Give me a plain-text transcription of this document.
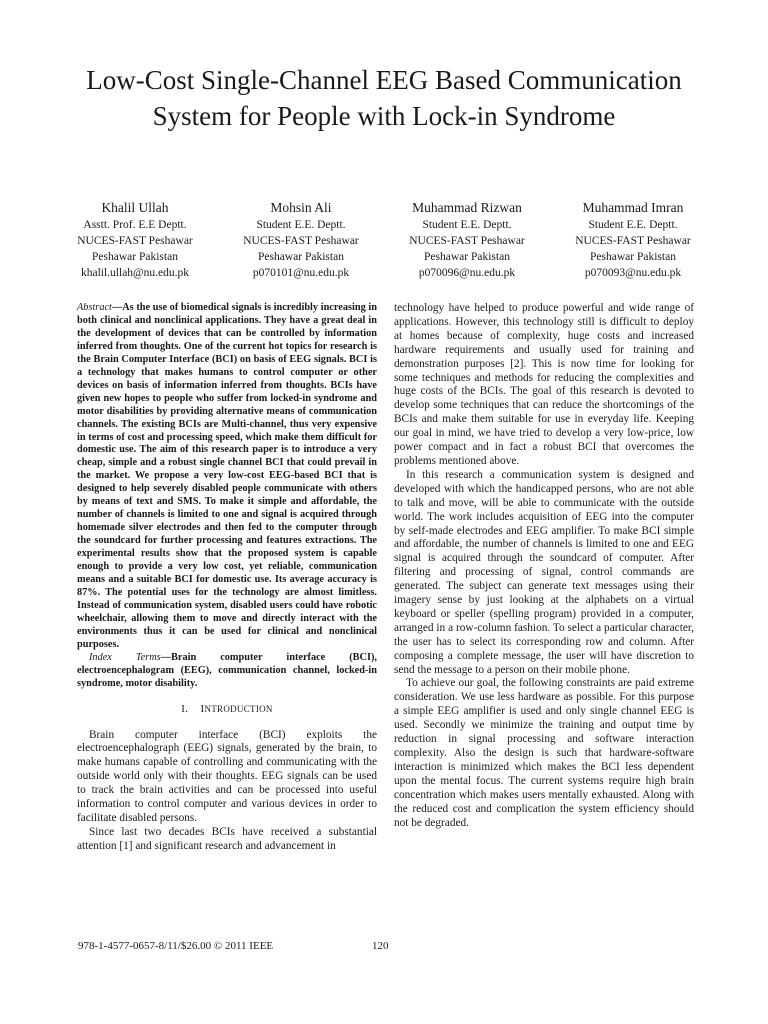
Low-Cost Single-Channel EEG Based Communication System for People with Lock-in Syndrome
Khalil Ullah
Asstt. Prof. E.E Deptt.
NUCES-FAST Peshawar
Peshawar Pakistan
khalil.ullah@nu.edu.pk
Mohsin Ali
Student E.E. Deptt.
NUCES-FAST Peshawar
Peshawar Pakistan
p070101@nu.edu.pk
Muhammad Rizwan
Student E.E. Deptt.
NUCES-FAST Peshawar
Peshawar Pakistan
p070096@nu.edu.pk
Muhammad Imran
Student E.E. Deptt.
NUCES-FAST Peshawar
Peshawar Pakistan
p070093@nu.edu.pk

Abstract—As the use of biomedical signals is incredibly increasing in both clinical and nonclinical applications. They have a great deal in the development of devices that can be controlled by information inferred from thoughts. One of the current hot topics for research is the Brain Computer Interface (BCI) on basis of EEG signals. BCI is a technology that makes humans to control computer or other devices on basis of information inferred from thoughts. BCIs have given new hopes to people who suffer from locked-in syndrome and motor disabilities by providing alternative means of communication channels. The existing BCIs are Multi-channel, thus very expensive in terms of cost and processing speed, which make them difficult for domestic use. The aim of this research paper is to introduce a very cheap, simple and a robust single channel BCI that could prevail in the market. We propose a very low-cost EEG-based BCI that is designed to help severely disabled people communicate with others by means of text and SMS. To make it simple and affordable, the number of channels is limited to one and signal is acquired through homemade silver electrodes and then fed to the computer through the soundcard for further processing and features extractions. The experimental results show that the proposed system is capable enough to provide a very low cost, yet reliable, communication means and a suitable BCI for domestic use. Its average accuracy is 87%. The potential uses for the technology are almost limitless. Instead of communication system, disabled users could have robotic wheelchair, allowing them to move and directly interact with the environments thus it can be used for clinical and nonclinical purposes.

Index Terms—Brain computer interface (BCI), electroencephalogram (EEG), communication channel, locked-in syndrome, motor disability.

I. INTRODUCTION

Brain computer interface (BCI) exploits the electroencephalograph (EEG) signals, generated by the brain, to make humans capable of controlling and communicating with the outside world only with their thoughts. EEG signals can be used to track the brain activities and can be processed into useful information to control computer and various devices in order to facilitate disabled persons.

Since last two decades BCIs have received a substantial attention [1] and significant research and advancement in

technology have helped to produce powerful and wide range of applications. However, this technology still is difficult to deploy at homes because of complexity, huge costs and increased hardware requirements and usually used for training and demonstration purposes [2]. This is now time for looking for some techniques and methods for reducing the complexities and huge costs of the BCIs. The goal of this research is devoted to develop some techniques that can reduce the shortcomings of the BCIs and make them suitable for use in everyday life. Keeping our goal in mind, we have tried to develop a very low-price, low power compact and in fact a robust BCI that overcomes the problems mentioned above.

In this research a communication system is designed and developed with which the handicapped persons, who are not able to talk and move, will be able to communicate with the outside world. The work includes acquisition of EEG into the computer by self-made electrodes and EEG amplifier. To make BCI simple and affordable, the number of channels is limited to one and EEG signal is acquired through the soundcard of computer. After filtering and processing of signal, control commands are generated. The subject can generate text messages using their imagery sense by just looking at the alphabets on a virtual keyboard or speller (spelling program) provided in a computer, arranged in a row-column fashion. To select a particular character, the user has to select its corresponding row and column. After composing a complete message, the user will have discretion to send the message to a person on their mobile phone.

To achieve our goal, the following constraints are paid extreme consideration. We use less hardware as possible. For this purpose a simple EEG amplifier is used and only single channel EEG is used. Secondly we minimize the training and output time by reduction in signal processing and software interaction complexity. Also the design is such that hardware-software interaction is minimized which makes the BCI less dependent upon the mental focus. The current systems require high brain concentration which makes users mentally exhausted. Along with the reduced cost and complication the system efficiency should not be degraded.

978-1-4577-0657-8/11/$26.00 © 2011 IEEE	120
